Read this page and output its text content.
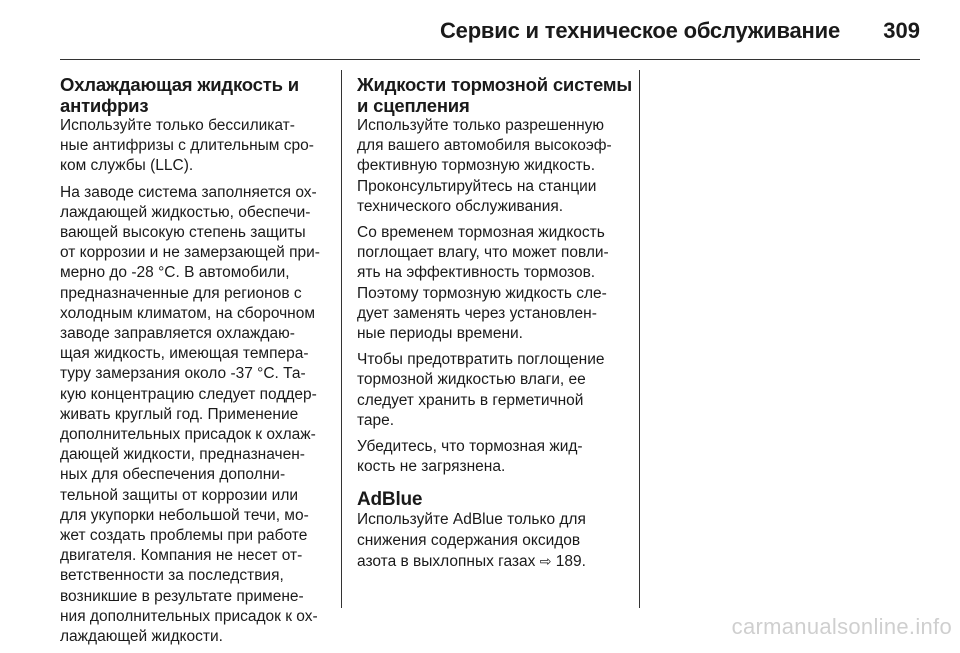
Сервис и техническое обслуживание 309
Охлаждающая жидкость и
антифриз

Используйте только бессиликат-
ные антифризы с длительным сро-
ком службы (LLC).

На заводе система заполняется ох-
лаждающей жидкостью, обеспечи-
вающей высокую степень защиты
от коррозии и не замерзающей при-
мерно до -28 °C. В автомобили,
предназначенные для регионов с
холодным климатом, на сборочном
заводе заправляется охлаждаю-
щая жидкость, имеющая темпера-
туру замерзания около -37 °C. Та-
кую концентрацию следует поддер-
живать круглый год. Применение
дополнительных присадок к охлаж-
дающей жидкости, предназначен-
ных для обеспечения дополни-
тельной защиты от коррозии или
для укупорки небольшой течи, мо-
жет создать проблемы при работе
двигателя. Компания не несет от-
ветственности за последствия,
возникшие в результате примене-
ния дополнительных присадок к ох-
лаждающей жидкости.

Жидкости тормозной системы
и сцепления

Используйте только разрешенную
для вашего автомобиля высокоэф-
фективную тормозную жидкость.
Проконсультируйтесь на станции
технического обслуживания.

Со временем тормозная жидкость
поглощает влагу, что может повли-
ять на эффективность тормозов.
Поэтому тормозную жидкость сле-
дует заменять через установлен-
ные периоды времени.

Чтобы предотвратить поглощение
тормозной жидкостью влаги, ее
следует хранить в герметичной
таре.

Убедитесь, что тормозная жид-
кость не загрязнена.

AdBlue

Используйте AdBlue только для
снижения содержания оксидов
азота в выхлопных газах ⇨ 189.

carmanualsonline.info
